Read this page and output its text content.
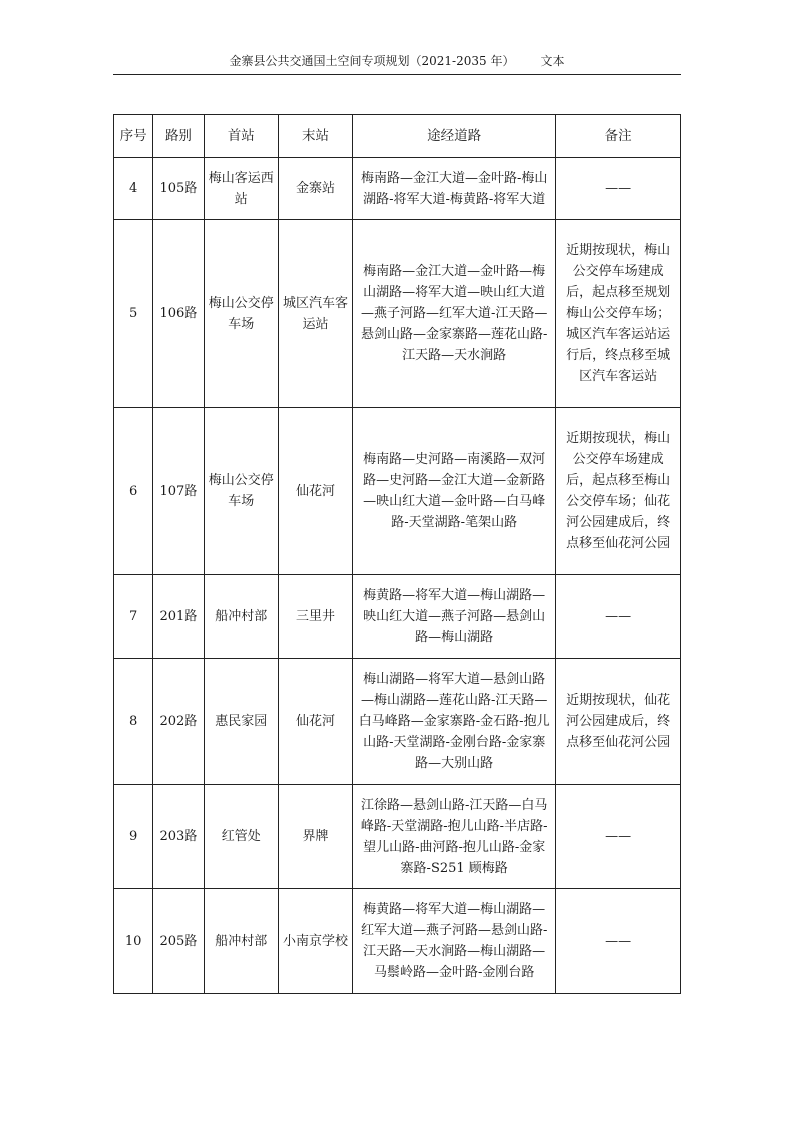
金寨县公共交通国土空间专项规划（2021-2035 年） 文本
序号	路别	首站	末站	途经道路	备注
4	105路	梅山客运西站	金寨站	梅南路—金江大道—金叶路-梅山湖路-将军大道-梅黄路-将军大道	——
5	106路	梅山公交停车场	城区汽车客运站	梅南路—金江大道—金叶路—梅山湖路—将军大道—映山红大道—燕子河路—红军大道-江天路—悬剑山路—金家寨路—莲花山路-江天路—天水涧路	近期按现状，梅山公交停车场建成后，起点移至规划梅山公交停车场；城区汽车客运站运行后，终点移至城区汽车客运站
6	107路	梅山公交停车场	仙花河	梅南路—史河路—南溪路—双河路—史河路—金江大道—金新路—映山红大道—金叶路—白马峰路-天堂湖路-笔架山路	近期按现状，梅山公交停车场建成后，起点移至梅山公交停车场；仙花河公园建成后，终点移至仙花河公园
7	201路	船冲村部	三里井	梅黄路—将军大道—梅山湖路—映山红大道—燕子河路—悬剑山路—梅山湖路	——
8	202路	惠民家园	仙花河	梅山湖路—将军大道—悬剑山路—梅山湖路—莲花山路-江天路—白马峰路—金家寨路-金石路-抱儿山路-天堂湖路-金刚台路-金家寨路—大别山路	近期按现状，仙花河公园建成后，终点移至仙花河公园
9	203路	红管处	界牌	江徐路—悬剑山路-江天路—白马峰路-天堂湖路-抱儿山路-半店路-望儿山路-曲河路-抱儿山路-金家寨路-S251 顾梅路	——
10	205路	船冲村部	小南京学校	梅黄路—将军大道—梅山湖路—红军大道—燕子河路—悬剑山路-江天路—天水涧路—梅山湖路—马鬃岭路—金叶路-金刚台路	——
